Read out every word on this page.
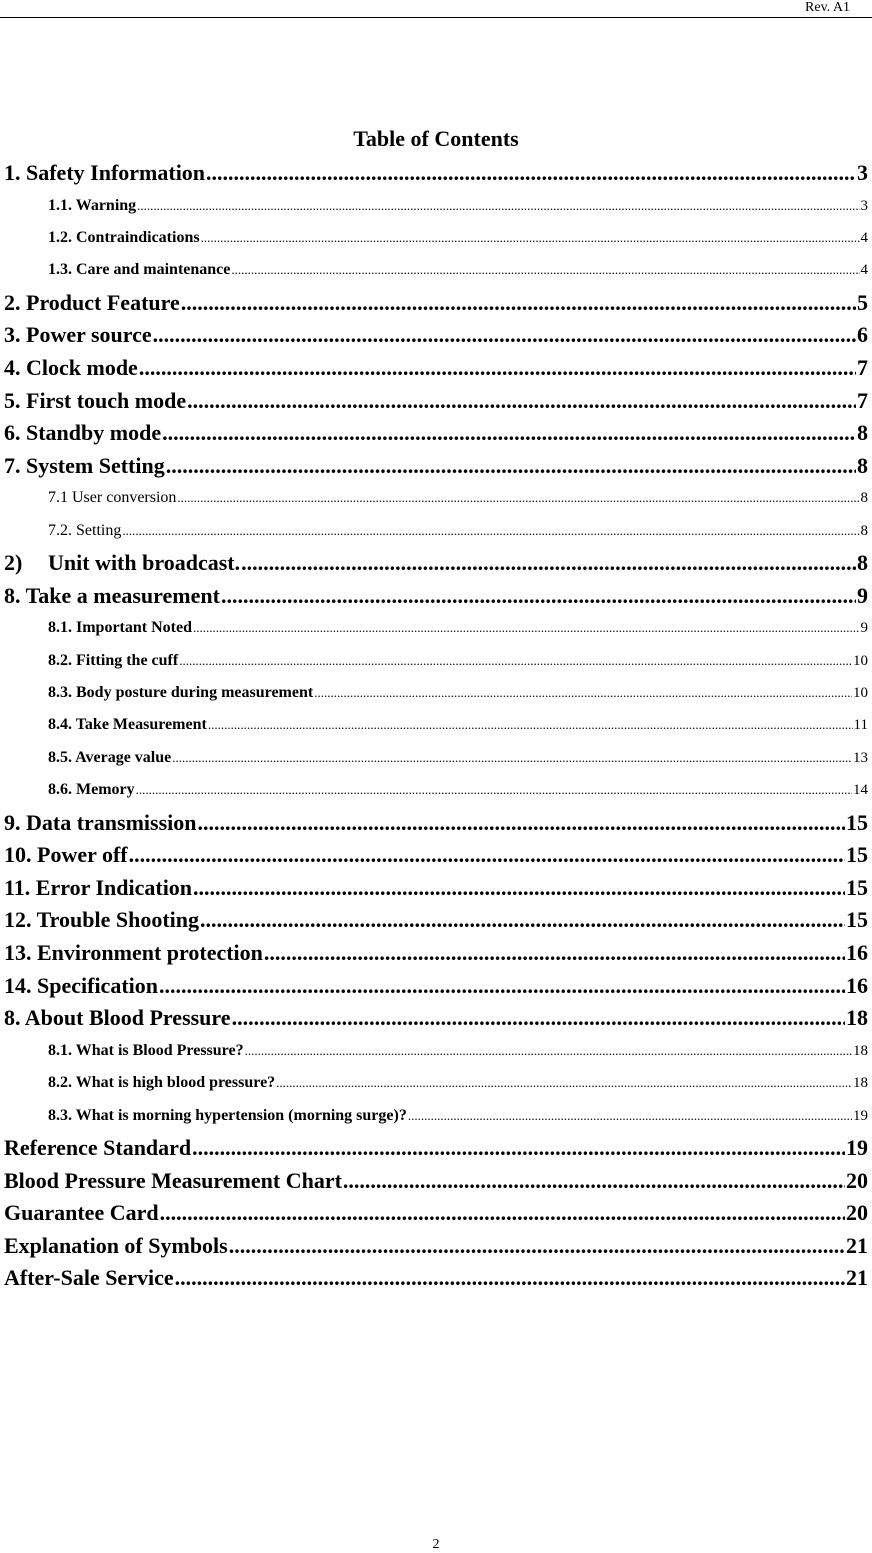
Rev. A1
Table of Contents
1. Safety Information .....	3
1.1. Warning .....	3
1.2. Contraindications .....	4
1.3. Care and maintenance .....	4
2. Product Feature .....	5
3. Power source .....	6
4. Clock mode .....	7
5. First touch mode .....	7
6. Standby mode .....	8
7. System Setting .....	8
7.1 User conversion .....	8
7.2. Setting .....	8
2) Unit with broadcast. .....	8
8. Take a measurement .....	9
8.1. Important Noted .....	9
8.2. Fitting the cuff .....	10
8.3. Body posture during measurement .....	10
8.4. Take Measurement .....	11
8.5. Average value .....	13
8.6. Memory .....	14
9. Data transmission .....	15
10. Power off .....	15
11. Error Indication .....	15
12. Trouble Shooting .....	15
13. Environment protection .....	16
14. Specification .....	16
8. About Blood Pressure .....	18
8.1. What is Blood Pressure? .....	18
8.2. What is high blood pressure? .....	18
8.3. What is morning hypertension (morning surge)? .....	19
Reference Standard .....	19
Blood Pressure Measurement Chart .....	20
Guarantee Card .....	20
Explanation of Symbols .....	21
After-Sale Service .....	21
2
